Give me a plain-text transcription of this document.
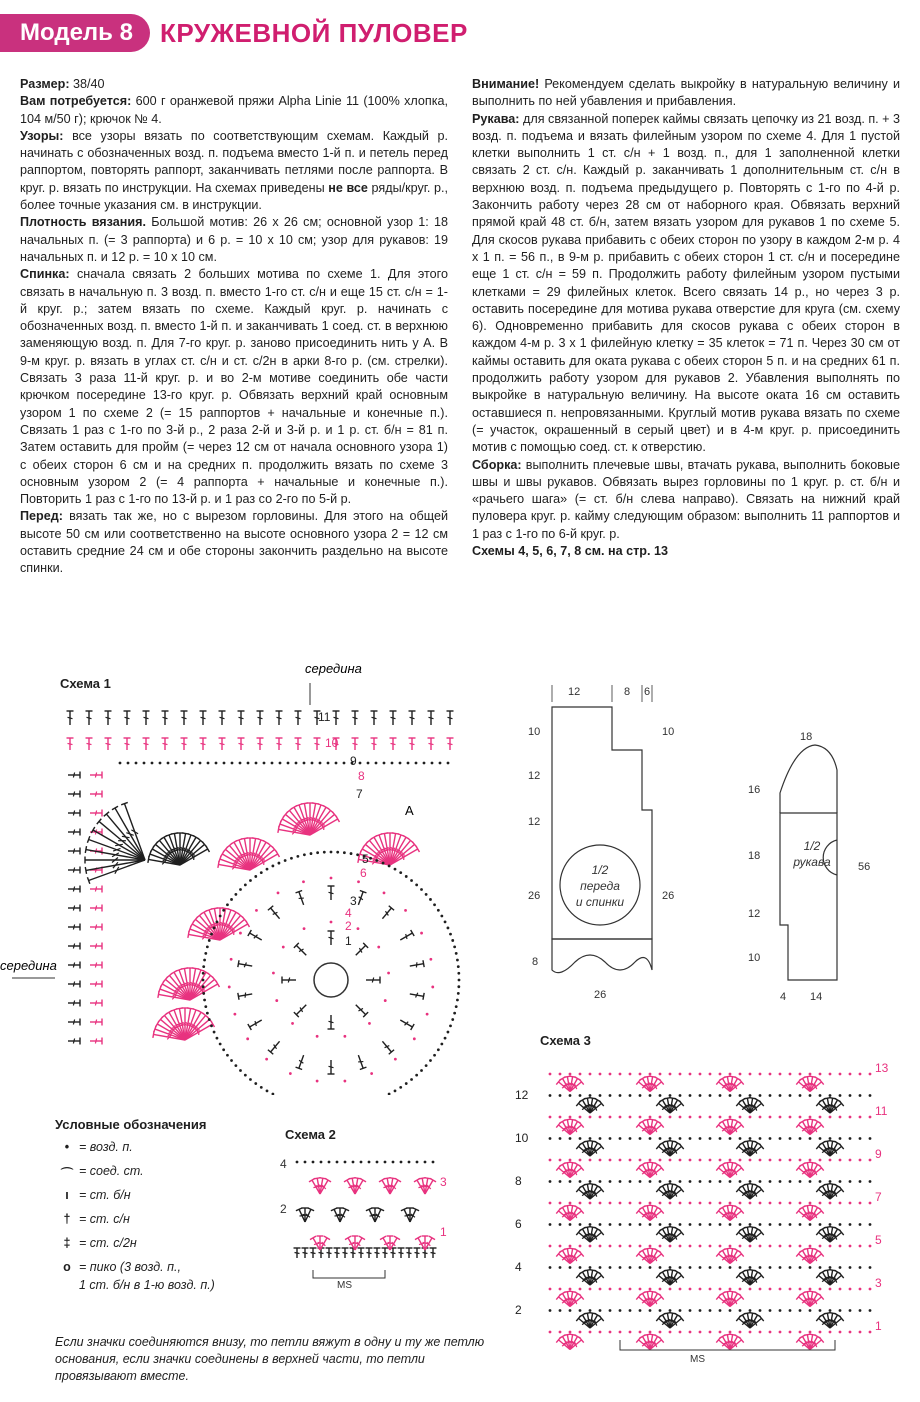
Модель 8	КРУЖЕВНОЙ ПУЛОВЕР

Размер: 38/40

Вам потребуется: 600 г оранжевой пряжи Alpha Linie 11 (100% хлопка, 104 м/50 г); крючок № 4.

Узоры: все узоры вязать по соответствующим схемам. Каждый р. начинать с обозначенных возд. п. подъема вместо 1-й п. и петель перед раппортом, повторять раппорт, заканчивать петлями после раппорта. В круг. р. вязать по инструкции. На схемах приведены не все ряды/круг. р., более точные указания см. в инструкции.

Плотность вязания. Большой мотив: 26 х 26 см; основной узор 1: 18 начальных п. (= 3 раппорта) и 6 р. = 10 х 10 см; узор для рукавов: 19 начальных п. и 12 р. = 10 х 10 см.

Спинка: сначала связать 2 больших мотива по схеме 1. Для этого связать в начальную п. 3 возд. п. вместо 1-го ст. с/н и еще 15 ст. с/н = 1-й круг. р.; затем вязать по схеме. Каждый круг. р. начинать с обозначенных возд. п. вместо 1-й п. и заканчивать 1 соед. ст. в верхнюю заменяющую возд. п. Для 7-го круг. р. заново присоединить нить у А. В 9-м круг. р. вязать в углах ст. с/н и ст. с/2н в арки 8-го р. (см. стрелки). Связать 3 раза 11-й круг. р. и во 2-м мотиве соединить обе части крючком посередине 13-го круг. р. Обвязать верхний край основным узором 1 по схеме 2 (= 15 раппортов + начальные и конечные п.). Связать 1 раз с 1-го по 3-й р., 2 раза 2-й и 3-й р. и 1 р. ст. б/н = 81 п. Затем оставить для пройм (= через 12 см от начала основного узора 1) с обеих сторон 6 см и на средних п. продолжить вязать по схеме 3 основным узором 2 (= 4 раппорта + начальные и конечные п.). Повторить 1 раз с 1-го по 13-й р. и 1 раз со 2-го по 5-й р.

Перед: вязать так же, но с вырезом горловины. Для этого на общей высоте 50 см или соответственно на высоте основного узора 2 = 12 см оставить средние 24 см и обе стороны закончить раздельно на высоте спинки.

Внимание! Рекомендуем сделать выкройку в натуральную величину и выполнить по ней убавления и прибавления.

Рукава: для связанной поперек каймы связать цепочку из 21 возд. п. + 3 возд. п. подъема и вязать филейным узором по схеме 4. Для 1 пустой клетки выполнить 1 ст. с/н + 1 возд. п., для 1 заполненной клетки связать 2 ст. с/н. Каждый р. заканчивать 1 дополнительным ст. с/н в верхнюю возд. п. подъема предыдущего р. Повторять с 1-го по 4-й р. Закончить работу через 28 см от наборного края. Обвязать верхний прямой край 48 ст. б/н, затем вязать узором для рукавов 1 по схеме 5. Для скосов рукава прибавить с обеих сторон по узору в каждом 2-м р. 4 х 1 п. = 56 п., в 9-м р. прибавить с обеих сторон 1 ст. с/н и посередине еще 1 ст. с/н = 59 п. Продолжить работу филейным узором пустыми клетками = 29 филейных клеток. Всего связать 14 р., но через 3 р. оставить посередине для мотива рукава отверстие для круга (см. схему 6). Одновременно прибавить для скосов рукава с обеих сторон в каждом 4-м р. 3 х 1 филейную клетку = 35 клеток = 71 п. Через 30 см от каймы оставить для оката рукава с обеих сторон 5 п. и на средних 61 п. продолжить работу узором для рукавов 2. Убавления выполнять по выкройке в натуральную величину. На высоте оката 16 см оставить оставшиеся п. непровязанными. Круглый мотив рукава вязать по схеме (= участок, окрашенный в серый цвет) и в 4-м круг. р. присоединить мотив с помощью соед. ст. к отверстию.

Сборка: выполнить плечевые швы, втачать рукава, выполнить боковые швы и швы рукавов. Обвязать вырез горловины по 1 круг. р. ст. б/н и «рачьего шага» (= ст. б/н слева направо). Связать на нижний край пуловера круг. р. кайму следующим образом: выполнить 11 раппортов и 1 раз с 1-го по 6-й круг. р.

Схемы 4, 5, 6, 7, 8 см. на стр. 13

Схема 1
середина
середина
11
10
9
8
7
6
5
4
3
2
1
A
12	8 6
10
12
12
26
8
10
26
26
1/2
переда
и спинки
18
16
18
12
10
56
4 14
1/2
рукава
Условные обозначения
• = возд. п.
⌒ = соед. ст.
ı = ст. б/н
† = ст. с/н
‡ = ст. с/2н
ο = пико (3 возд. п.,
1 ст. б/н в 1-ю возд. п.)
Схема 2
4
2
3
1
MS
Схема 3
12
10
8
6
4
2
13
11
9
7
5
3
1
MS
Если значки соединяются внизу, то петли вяжут в одну и ту же петлю основания, если значки соединены в верхней части, то петли провязывают вместе.
